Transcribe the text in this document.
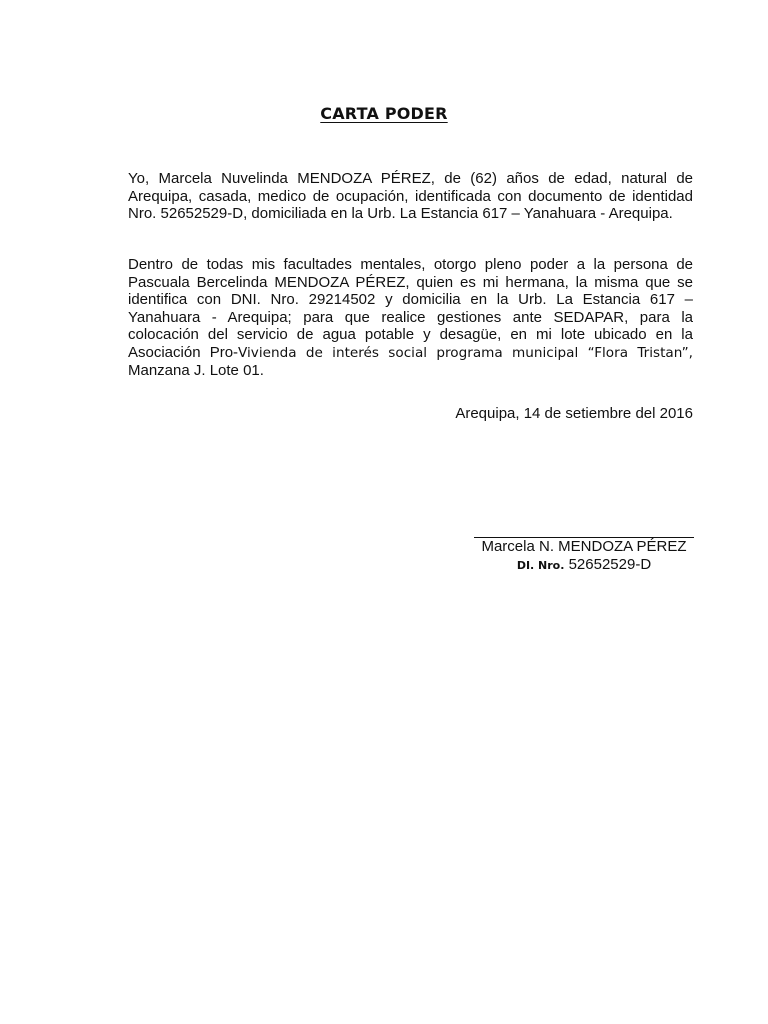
CARTA PODER

Yo, Marcela Nuvelinda MENDOZA PÉREZ, de (62) años de edad, natural de Arequipa, casada, medico de ocupación, identificada con documento de identidad Nro. 52652529-D, domiciliada en la Urb. La Estancia 617 – Yanahuara - Arequipa.

Dentro de todas mis facultades mentales, otorgo pleno poder a la persona de Pascuala Bercelinda MENDOZA PÉREZ, quien es mi hermana, la misma que se identifica con DNI. Nro. 29214502 y domicilia en la Urb. La Estancia 617 – Yanahuara - Arequipa; para que realice gestiones ante SEDAPAR, para la colocación del servicio de agua potable y desagüe, en mi lote ubicado en la Asociación Pro-Vivienda de interés social programa municipal “Flora Tristan”, Manzana J. Lote 01.

Arequipa, 14 de setiembre del 2016
Marcela N. MENDOZA PÉREZ
DI. Nro. 52652529-D
